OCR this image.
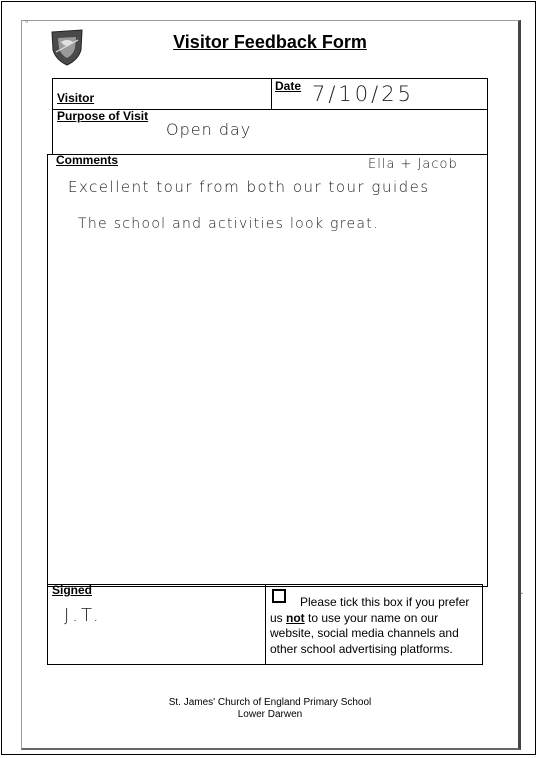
Visitor Feedback Form
Visitor
Date 7/10/25
Purpose of Visit
Open day
Comments	Ella + Jacob
Excellent tour from both our tour guides
The school and activities look great.
Signed
J.T.
Please tick this box if you prefer us not to use your name on our website, social media channels and other school advertising platforms.
St. James' Church of England Primary School
Lower Darwen
▫
-
